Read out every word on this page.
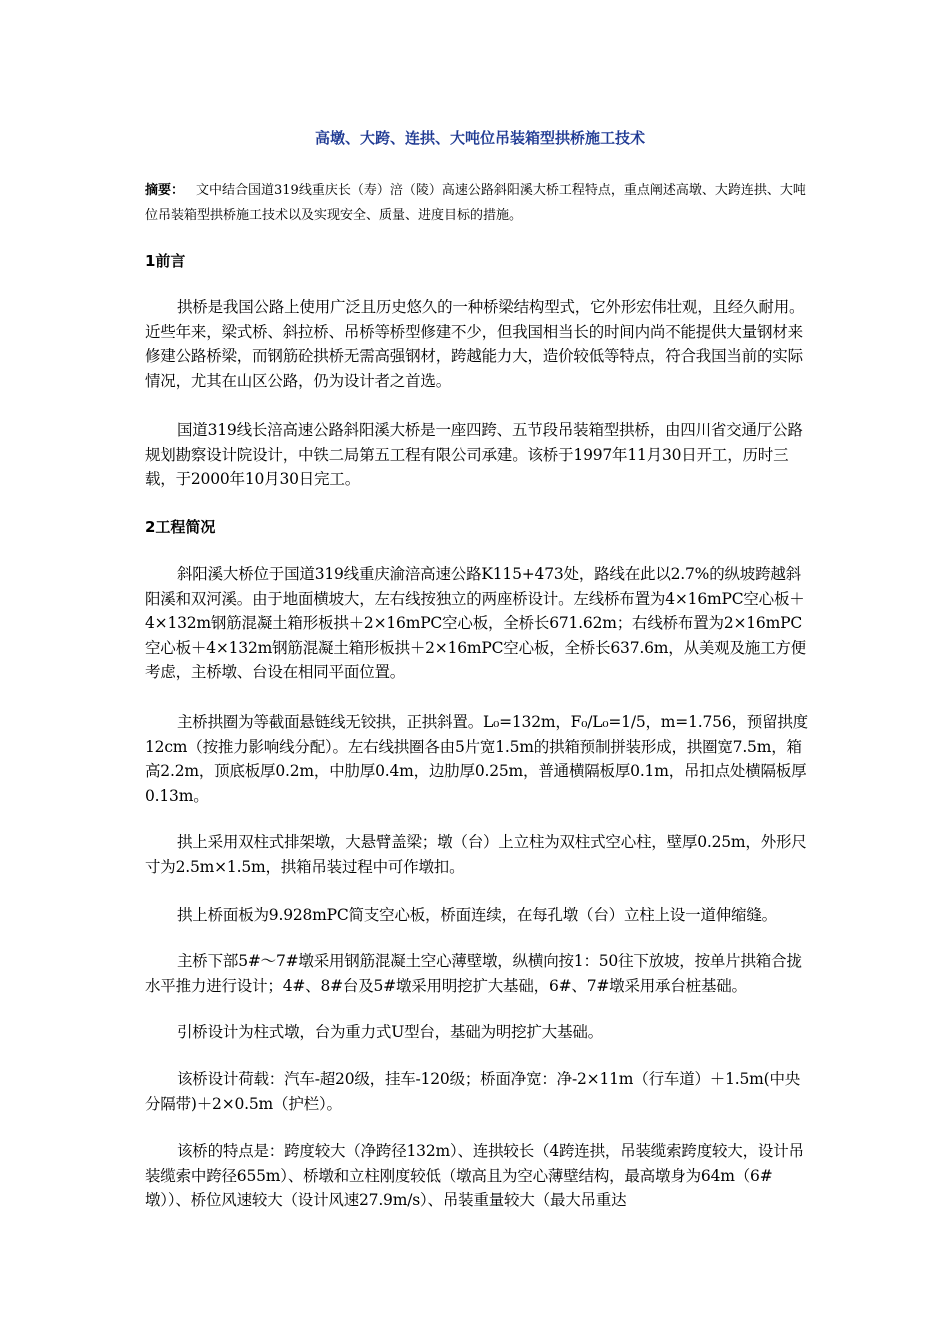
高墩、大跨、连拱、大吨位吊装箱型拱桥施工技术
摘要： 文中结合国道319线重庆长（寿）涪（陵）高速公路斜阳溪大桥工程特点，重点阐述高墩、大跨连拱、大吨位吊装箱型拱桥施工技术以及实现安全、质量、进度目标的措施。
1前言
拱桥是我国公路上使用广泛且历史悠久的一种桥梁结构型式，它外形宏伟壮观，且经久耐用。近些年来，梁式桥、斜拉桥、吊桥等桥型修建不少，但我国相当长的时间内尚不能提供大量钢材来修建公路桥梁，而钢筋砼拱桥无需高强钢材，跨越能力大，造价较低等特点，符合我国当前的实际情况，尤其在山区公路，仍为设计者之首选。
国道319线长涪高速公路斜阳溪大桥是一座四跨、五节段吊装箱型拱桥，由四川省交通厅公路规划勘察设计院设计，中铁二局第五工程有限公司承建。该桥于1997年11月30日开工，历时三载，于2000年10月30日完工。
2工程简况
斜阳溪大桥位于国道319线重庆渝涪高速公路K115+473处，路线在此以2.7%的纵坡跨越斜阳溪和双河溪。由于地面横坡大，左右线按独立的两座桥设计。左线桥布置为4×16mPC空心板＋4×132m钢筋混凝土箱形板拱＋2×16mPC空心板，全桥长671.62m；右线桥布置为2×16mPC空心板＋4×132m钢筋混凝土箱形板拱＋2×16mPC空心板，全桥长637.6m，从美观及施工方便考虑，主桥墩、台设在相同平面位置。
主桥拱圈为等截面悬链线无铰拱，正拱斜置。L₀=132m，F₀/L₀=1/5，m=1.756，预留拱度12cm（按推力影响线分配）。左右线拱圈各由5片宽1.5m的拱箱预制拼装形成，拱圈宽7.5m，箱高2.2m，顶底板厚0.2m，中肋厚0.4m，边肋厚0.25m，普通横隔板厚0.1m，吊扣点处横隔板厚0.13m。
拱上采用双柱式排架墩，大悬臂盖梁；墩（台）上立柱为双柱式空心柱，壁厚0.25m，外形尺寸为2.5m×1.5m，拱箱吊装过程中可作墩扣。
拱上桥面板为9.928mPC简支空心板，桥面连续，在每孔墩（台）立柱上设一道伸缩缝。
主桥下部5#～7#墩采用钢筋混凝土空心薄壁墩，纵横向按1：50往下放坡，按单片拱箱合拢水平推力进行设计；4#、8#台及5#墩采用明挖扩大基础，6#、7#墩采用承台桩基础。
引桥设计为柱式墩，台为重力式U型台，基础为明挖扩大基础。
该桥设计荷载：汽车-超20级，挂车-120级；桥面净宽：净-2×11m（行车道）＋1.5m(中央分隔带)＋2×0.5m（护栏）。
该桥的特点是：跨度较大（净跨径132m）、连拱较长（4跨连拱，吊装缆索跨度较大，设计吊装缆索中跨径655m）、桥墩和立柱刚度较低（墩高且为空心薄壁结构，最高墩身为64m（6#墩））、桥位风速较大（设计风速27.9m/s）、吊装重量较大（最大吊重达
